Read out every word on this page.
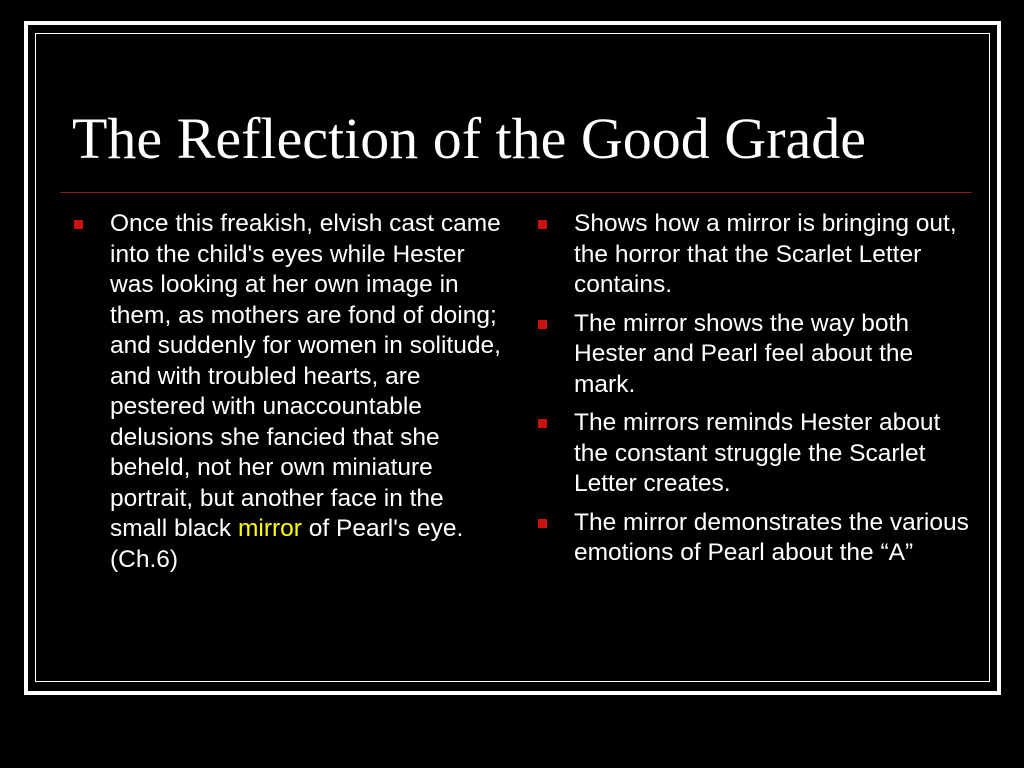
The Reflection of the Good Grade
Once this freakish, elvish cast came into the child's eyes while Hester was looking at her own image in them, as mothers are fond of doing; and suddenly for women in solitude, and with troubled hearts, are pestered with unaccountable delusions she fancied that she beheld, not her own miniature portrait, but another face in the small black mirror of Pearl's eye. (Ch.6)
Shows how a mirror is bringing out, the horror that the Scarlet Letter contains.
The mirror shows the way both Hester and Pearl feel about the mark.
The mirrors reminds Hester about the constant struggle the Scarlet Letter creates.
The mirror demonstrates the various emotions of Pearl about the “A”
